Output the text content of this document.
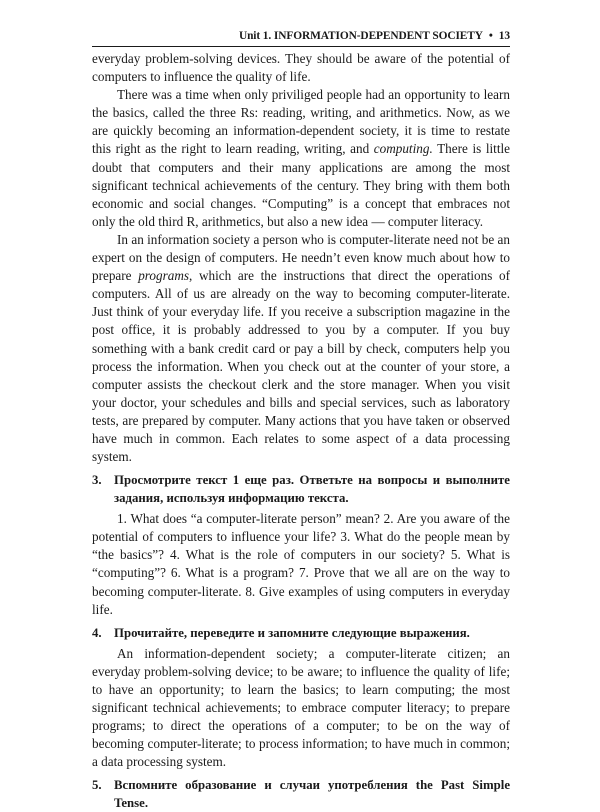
Unit 1. INFORMATION-DEPENDENT SOCIETY • 13

everyday problem-solving devices. They should be aware of the potential of computers to influence the quality of life.

There was a time when only priviliged people had an opportunity to learn the basics, called the three Rs: reading, writing, and arithmetics. Now, as we are quickly becoming an information-dependent society, it is time to restate this right as the right to learn reading, writing, and computing. There is little doubt that computers and their many applications are among the most significant technical achievements of the century. They bring with them both economic and social changes. “Computing” is a concept that embraces not only the old third R, arithmetics, but also a new idea — computer literacy.

In an information society a person who is computer-literate need not be an expert on the design of computers. He needn’t even know much about how to prepare programs, which are the instructions that direct the operations of computers. All of us are already on the way to becoming computer-literate. Just think of your everyday life. If you receive a subscription magazine in the post office, it is probably addressed to you by a computer. If you buy something with a bank credit card or pay a bill by check, computers help you process the information. When you check out at the counter of your store, a computer assists the checkout clerk and the store manager. When you visit your doctor, your schedules and bills and special services, such as laboratory tests, are prepared by computer. Many actions that you have taken or observed have much in common. Each relates to some aspect of a data processing system.

3. Просмотрите текст 1 еще раз. Ответьте на вопросы и выполните задания, используя информацию текста.

1. What does “a computer-literate person” mean? 2. Are you aware of the potential of computers to influence your life? 3. What do the people mean by “the basics”? 4. What is the role of computers in our society? 5. What is “computing”? 6. What is a program? 7. Prove that we all are on the way to becoming computer-literate. 8. Give examples of using computers in everyday life.

4. Прочитайте, переведите и запомните следующие выражения.

An information-dependent society; a computer-literate citizen; an everyday problem-solving device; to be aware; to influence the quality of life; to have an opportunity; to learn the basics; to learn computing; the most significant technical achievements; to embrace computer literacy; to prepare programs; to direct the operations of a computer; to be on the way of becoming computer-literate; to process information; to have much in common; a data processing system.

5. Вспомните образование и случаи употребления the Past Simple Tense.
